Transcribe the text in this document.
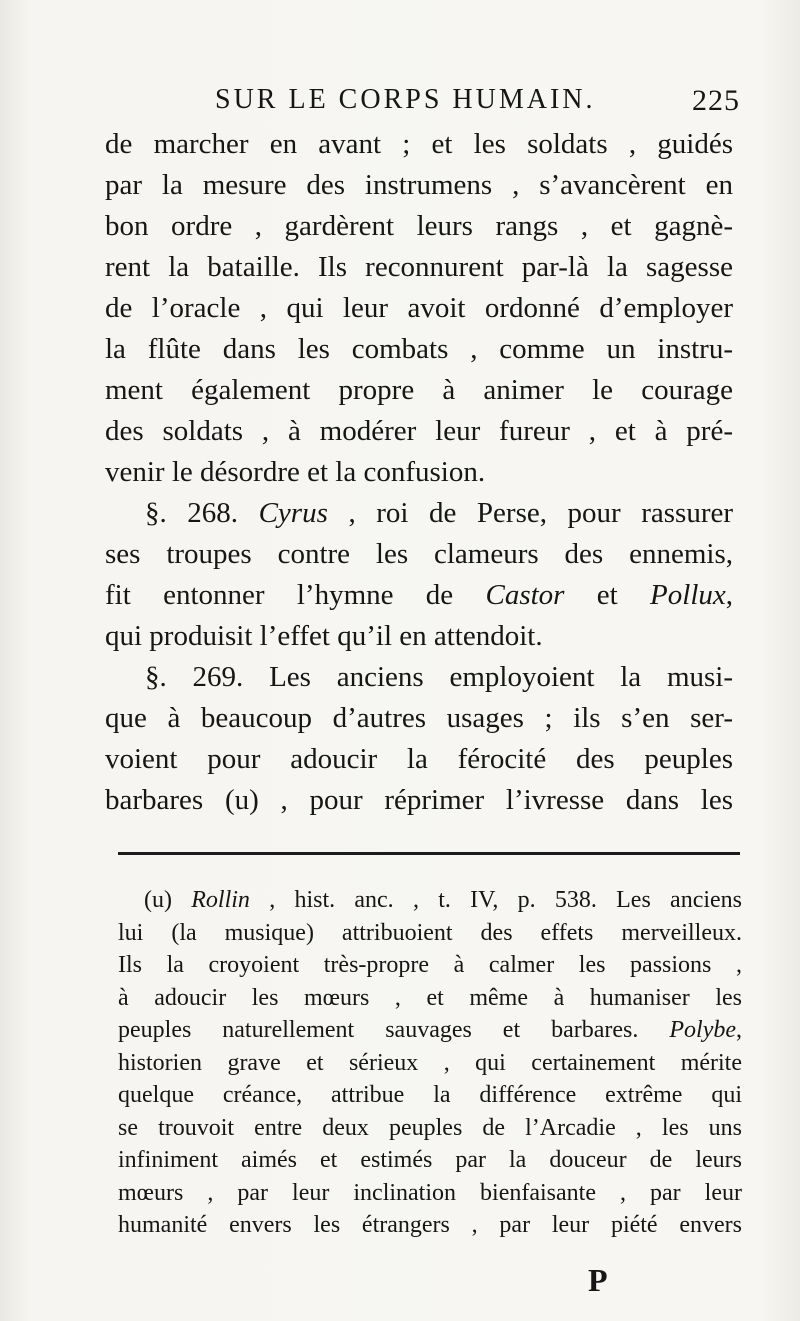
SUR LE CORPS HUMAIN.	225
de marcher en avant ; et les soldats , guidés
par la mesure des instrumens , s’avancèrent en
bon ordre , gardèrent leurs rangs , et gagnè-
rent la bataille. Ils reconnurent par-là la sagesse
de l’oracle , qui leur avoit ordonné d’employer
la flûte dans les combats , comme un instru-
ment également propre à animer le courage
des soldats , à modérer leur fureur , et à pré-
venir le désordre et la confusion.
§. 268. Cyrus , roi de Perse, pour rassurer
ses troupes contre les clameurs des ennemis,
fit entonner l’hymne de Castor et Pollux,
qui produisit l’effet qu’il en attendoit.
§. 269. Les anciens employoient la musi-
que à beaucoup d’autres usages ; ils s’en ser-
voient pour adoucir la férocité des peuples
barbares (u) , pour réprimer l’ivresse dans les
(u) Rollin , hist. anc. , t. IV, p. 538. Les anciens
lui (la musique) attribuoient des effets merveilleux.
Ils la croyoient très-propre à calmer les passions ,
à adoucir les mœurs , et même à humaniser les
peuples naturellement sauvages et barbares. Polybe,
historien grave et sérieux , qui certainement mérite
quelque créance, attribue la différence extrême qui
se trouvoit entre deux peuples de l’Arcadie , les uns
infiniment aimés et estimés par la douceur de leurs
mœurs , par leur inclination bienfaisante , par leur
humanité envers les étrangers , par leur piété envers
P
